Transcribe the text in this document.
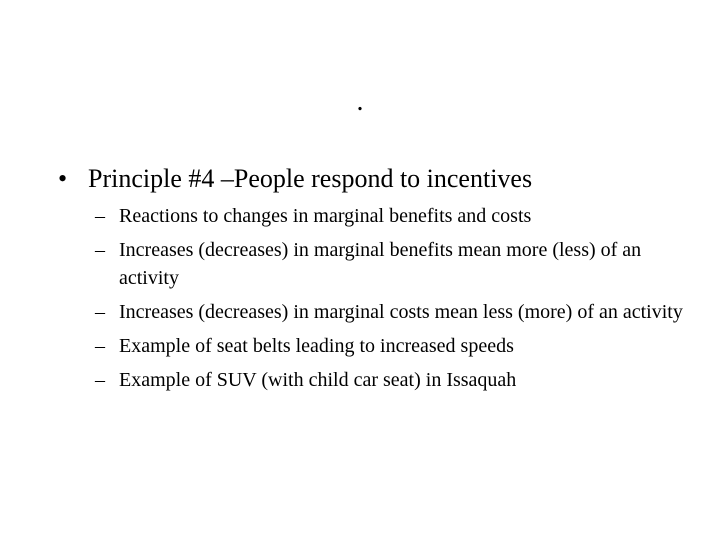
.
• Principle #4 –People respond to incentives
– Reactions to changes in marginal benefits and costs
– Increases (decreases) in marginal benefits mean more (less) of an activity
– Increases (decreases) in marginal costs mean less (more) of an activity
– Example of seat belts leading to increased speeds
– Example of SUV (with child car seat) in Issaquah
